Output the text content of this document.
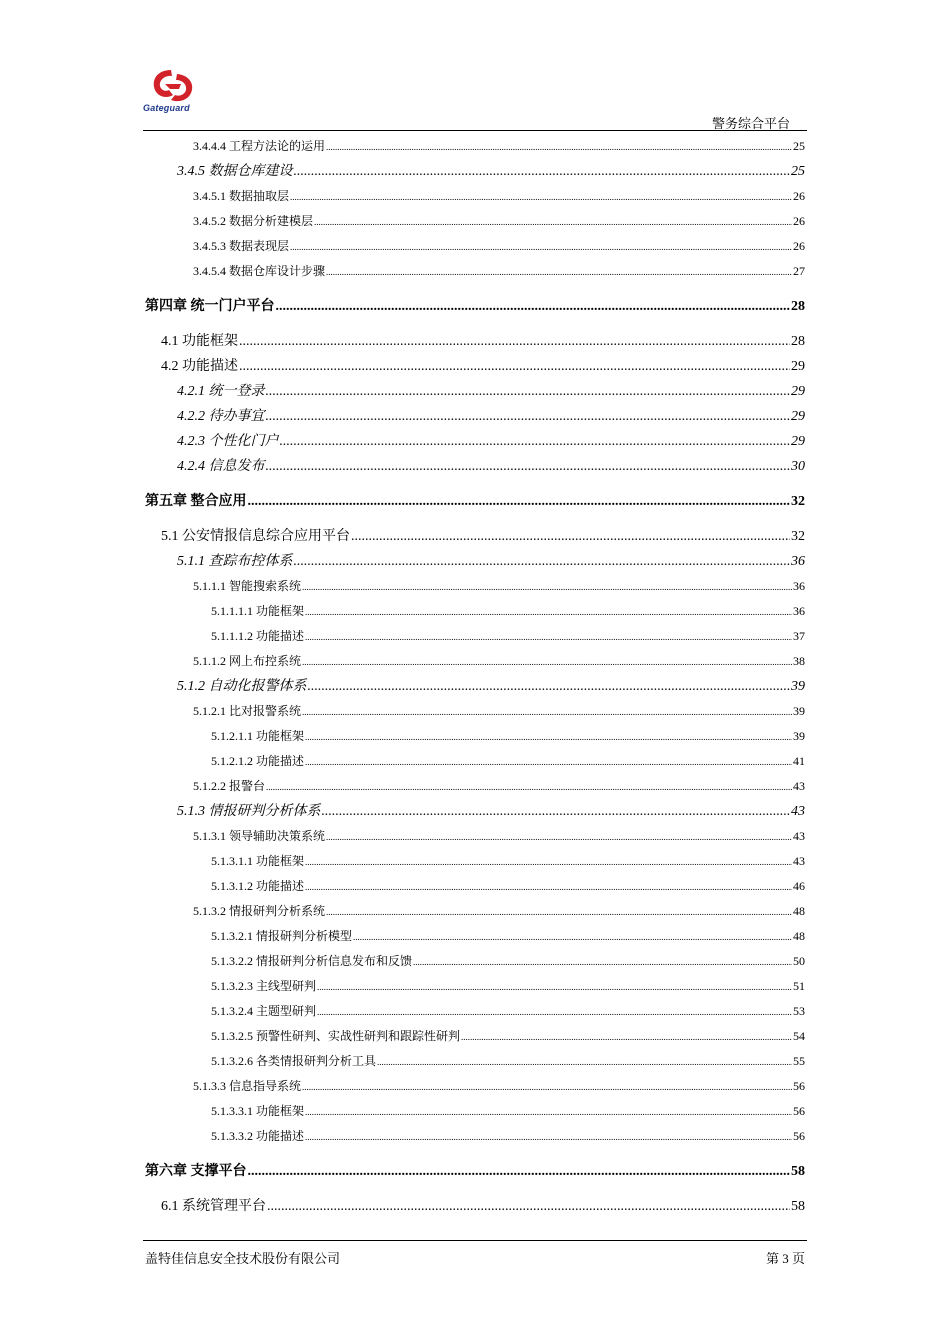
Gateguard
警务综合平台
3.4.4.4 工程方法论的运用 .....	25
3.4.5 数据仓库建设 .....	25
3.4.5.1 数据抽取层 .....	26
3.4.5.2 数据分析建模层 .....	26
3.4.5.3 数据表现层 .....	26
3.4.5.4 数据仓库设计步骤 .....	27
第四章 统一门户平台 .....	28
4.1 功能框架 .....	28
4.2 功能描述 .....	29
4.2.1 统一登录 .....	29
4.2.2 待办事宜 .....	29
4.2.3 个性化门户 .....	29
4.2.4 信息发布 .....	30
第五章 整合应用 .....	32
5.1 公安情报信息综合应用平台 .....	32
5.1.1 查踪布控体系 .....	36
5.1.1.1 智能搜索系统 .....	36
5.1.1.1.1 功能框架 .....	36
5.1.1.1.2 功能描述 .....	37
5.1.1.2 网上布控系统 .....	38
5.1.2 自动化报警体系 .....	39
5.1.2.1 比对报警系统 .....	39
5.1.2.1.1 功能框架 .....	39
5.1.2.1.2 功能描述 .....	41
5.1.2.2 报警台 .....	43
5.1.3 情报研判分析体系 .....	43
5.1.3.1 领导辅助决策系统 .....	43
5.1.3.1.1 功能框架 .....	43
5.1.3.1.2 功能描述 .....	46
5.1.3.2 情报研判分析系统 .....	48
5.1.3.2.1 情报研判分析模型 .....	48
5.1.3.2.2 情报研判分析信息发布和反馈 .....	50
5.1.3.2.3 主线型研判 .....	51
5.1.3.2.4 主题型研判 .....	53
5.1.3.2.5 预警性研判、实战性研判和跟踪性研判 .....	54
5.1.3.2.6 各类情报研判分析工具 .....	55
5.1.3.3 信息指导系统 .....	56
5.1.3.3.1 功能框架 .....	56
5.1.3.3.2 功能描述 .....	56
第六章 支撑平台 .....	58
6.1 系统管理平台 .....	58
盖特佳信息安全技术股份有限公司	第 3 页
